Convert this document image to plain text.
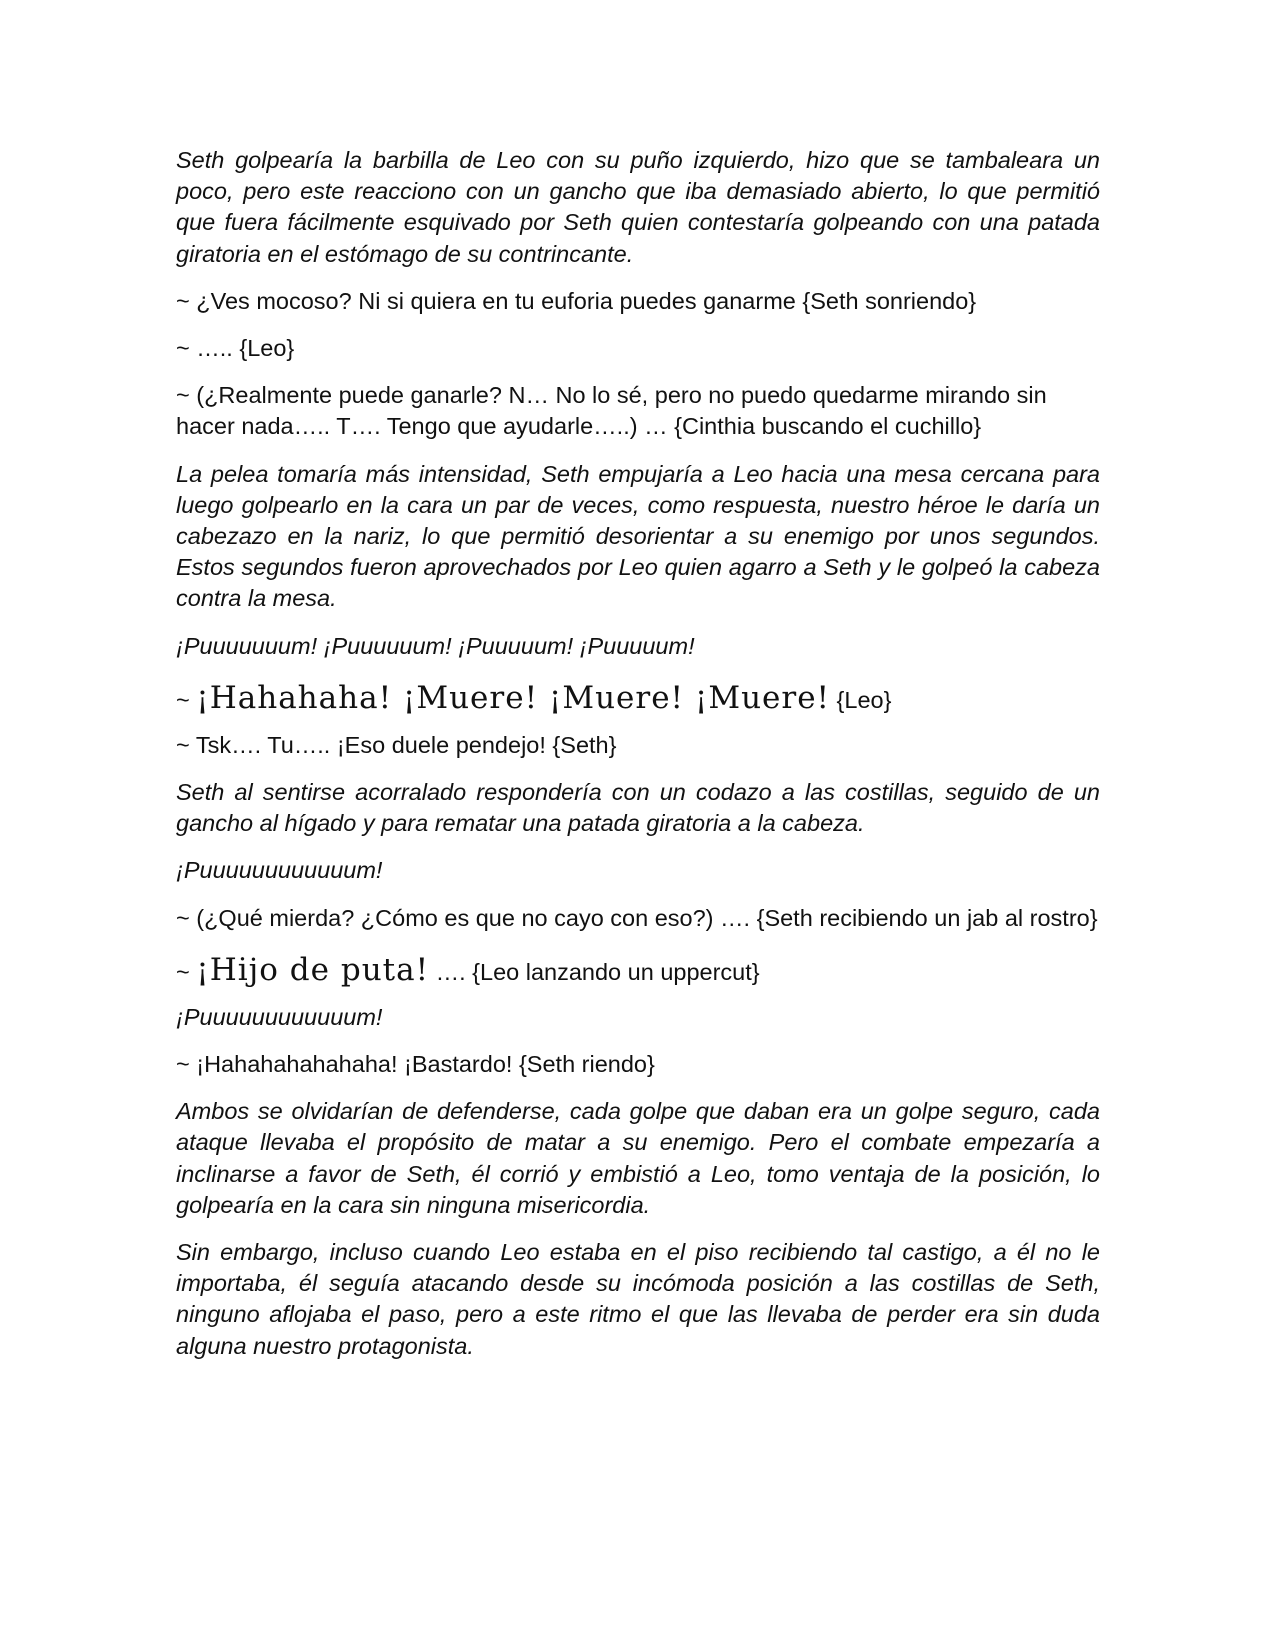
Seth golpearía la barbilla de Leo con su puño izquierdo, hizo que se tambaleara un poco, pero este reacciono con un gancho que iba demasiado abierto, lo que permitió que fuera fácilmente esquivado por Seth quien contestaría golpeando con una patada giratoria en el estómago de su contrincante.

~ ¿Ves mocoso? Ni si quiera en tu euforia puedes ganarme {Seth sonriendo}

~ ….. {Leo}

~ (¿Realmente puede ganarle? N… No lo sé, pero no puedo quedarme mirando sin hacer nada….. T…. Tengo que ayudarle…..) … {Cinthia buscando el cuchillo}

La pelea tomaría más intensidad, Seth empujaría a Leo hacia una mesa cercana para luego golpearlo en la cara un par de veces, como respuesta, nuestro héroe le daría un cabezazo en la nariz, lo que permitió desorientar a su enemigo por unos segundos. Estos segundos fueron aprovechados por Leo quien agarro a Seth y le golpeó la cabeza contra la mesa.

¡Puuuuuuum! ¡Puuuuuum! ¡Puuuuum! ¡Puuuuum!

~ ¡Hahahaha! ¡Muere! ¡Muere! ¡Muere! {Leo}

~ Tsk…. Tu….. ¡Eso duele pendejo! {Seth}

Seth al sentirse acorralado respondería con un codazo a las costillas, seguido de un gancho al hígado y para rematar una patada giratoria a la cabeza.

¡Puuuuuuuuuuuum!

~ (¿Qué mierda? ¿Cómo es que no cayo con eso?) …. {Seth recibiendo un jab al rostro}

~ ¡Hijo de puta! …. {Leo lanzando un uppercut}

¡Puuuuuuuuuuuum!

~ ¡Hahahahahahaha! ¡Bastardo! {Seth riendo}

Ambos se olvidarían de defenderse, cada golpe que daban era un golpe seguro, cada ataque llevaba el propósito de matar a su enemigo. Pero el combate empezaría a inclinarse a favor de Seth, él corrió y embistió a Leo, tomo ventaja de la posición, lo golpearía en la cara sin ninguna misericordia.

Sin embargo, incluso cuando Leo estaba en el piso recibiendo tal castigo, a él no le importaba, él seguía atacando desde su incómoda posición a las costillas de Seth, ninguno aflojaba el paso, pero a este ritmo el que las llevaba de perder era sin duda alguna nuestro protagonista.
